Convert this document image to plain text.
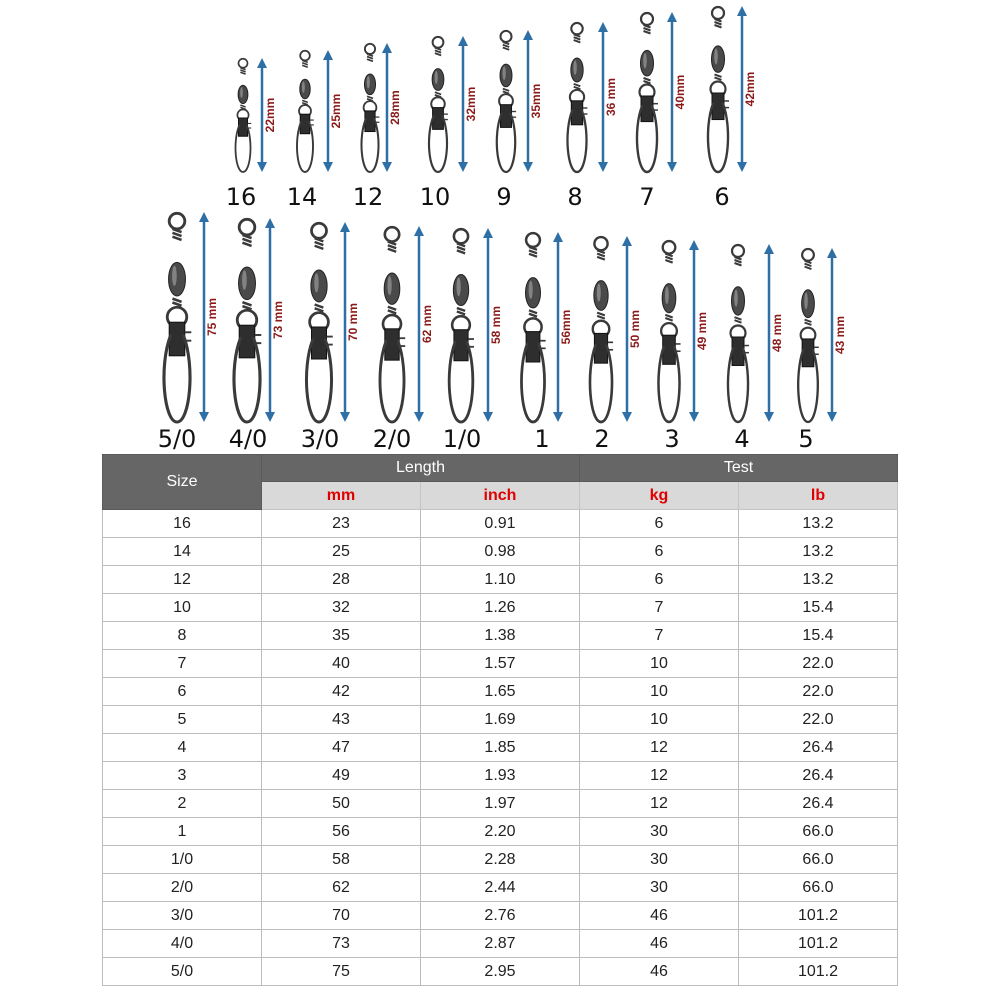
22mm
16
25mm
14
28mm
12
32mm
10
35mm
9
36 mm
8
40mm
7
42mm
6
75 mm
5/0
73 mm
4/0
70 mm
3/0
62 mm
2/0
58 mm
1/0
56mm
1
50 mm
2
49 mm
3
48 mm
4
43 mm
5
Size	Length		Test	
	mm	inch	kg	lb
16	23	0.91	6	13.2
14	25	0.98	6	13.2
12	28	1.10	6	13.2
10	32	1.26	7	15.4
8	35	1.38	7	15.4
7	40	1.57	10	22.0
6	42	1.65	10	22.0
5	43	1.69	10	22.0
4	47	1.85	12	26.4
3	49	1.93	12	26.4
2	50	1.97	12	26.4
1	56	2.20	30	66.0
1/0	58	2.28	30	66.0
2/0	62	2.44	30	66.0
3/0	70	2.76	46	101.2
4/0	73	2.87	46	101.2
5/0	75	2.95	46	101.2
